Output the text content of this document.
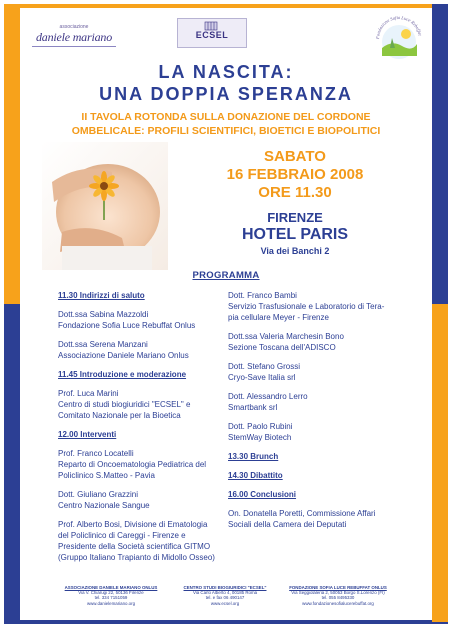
associazione
daniele mariano	ECSEL	Fondazione Sofia Luce Rebuffat
LA NASCITA:
UNA DOPPIA SPERANZA
II TAVOLA ROTONDA SULLA DONAZIONE DEL CORDONE
OMBELICALE: PROFILI SCIENTIFICI, BIOETICI E BIOPOLITICI
SABATO
16 FEBBRAIO 2008
ORE 11.30
FIRENZE
HOTEL PARIS
Via dei Banchi 2
PROGRAMMA

11.30 Indirizzi di saluto

Dott.ssa Sabina Mazzoldi

Fondazione Sofia Luce Rebuffat Onlus

Dott.ssa Serena Manzani

Associazione Daniele Mariano Onlus

11.45 Introduzione e moderazione

Prof. Luca Marini

Centro di studi biogiuridici "ECSEL" e

Comitato Nazionale per la Bioetica

12.00 Interventi

Prof. Franco Locatelli

Reparto di Oncoematologia Pediatrica del

Policlinico S.Matteo - Pavia

Dott. Giuliano Grazzini

Centro Nazionale Sangue

Prof. Alberto Bosi, Divisione di Ematologia

del Policlinico di Careggi - Firenze e

Presidente della Società scientifica GITMO

(Gruppo Italiano Trapianto di Midollo Osseo)

Dott. Franco Bambi

Servizio Trasfusionale e Laboratorio di Tera-

pia cellulare Meyer - Firenze

Dott.ssa Valeria Marchesin Bono

Sezione Toscana dell'ADISCO

Dott. Stefano Grossi

Cryo-Save Italia srl

Dott. Alessandro Lerro

Smartbank srl

Dott. Paolo Rubini

StemWay Biotech

13.30 Brunch

14.30 Dibattito

16.00 Conclusioni

On. Donatella Poretti, Commissione Affari

Sociali della Camera dei Deputati

ASSOCIAZIONE DANIELE MARIANO ONLUS
Via V. Chiarugi 22, 50136 Firenze
tel. 334 7151059
www.danielemariano.org
CENTRO STUDI BIOGIURIDICI "ECSEL"
Via Carlo Alberto 4, 00185 Roma
tel. e fax 06 490147
www.ecsel.org
FONDAZIONE SOFIA LUCE REBUFFAT ONLUS
Via Seggiolaleria 2, 50053 Borgo S.Lorenzo (FI)
tel. 055 8495330
www.fondazionesofialucerebuffat.org
